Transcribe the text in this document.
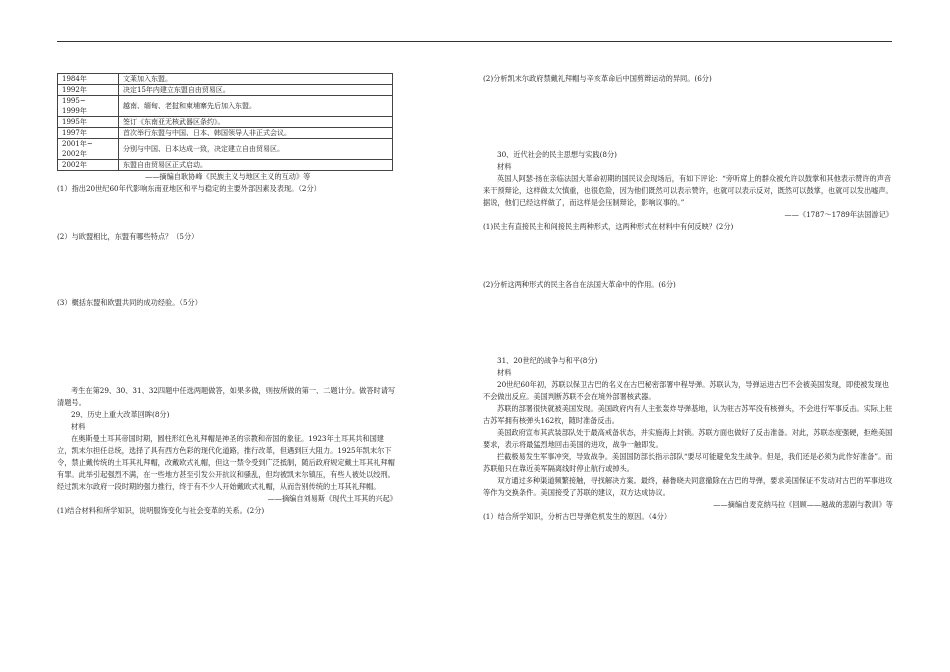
1984年	文莱加入东盟。
1992年	决定15年内建立东盟自由贸易区。
1995~
1999年	越南、缅甸、老挝和柬埔寨先后加入东盟。
1995年	签订《东南亚无核武器区条约》。
1997年	首次举行东盟与中国、日本、韩国领导人非正式会议。
2001年~
2002年	分别与中国、日本达成一致，决定建立自由贸易区。
2002年	东盟自由贸易区正式启动。

——摘编自耿协峰《民族主义与地区主义的互动》等

(1）指出20世纪60年代影响东南亚地区和平与稳定的主要外部因素及表现。（2分）

(2）与欧盟相比，东盟有哪些特点？（5分）

(3）概括东盟和欧盟共同的成功经验。（5分）

考生在第29、30、31、32四题中任选两题做答，如果多做，则按所做的第一、二题计分。做答时请写清题号。

29、历史上重大改革回眸(8分)

材料

在奥斯曼土耳其帝国时期，圆柱形红色礼拜帽是神圣的宗教和帝国的象征。1923年土耳其共和国建立，凯末尔担任总统，选择了具有西方色彩的现代化道路，推行改革，但遇到巨大阻力。1925年凯末尔下令，禁止戴传统的土耳其礼拜帽，改戴欧式礼帽，但这一禁令受到广泛抵制，随后政府规定戴土耳其礼拜帽有罪。此举引起强烈不满，在一些地方甚至引发公开抗议和骚乱，但均被凯末尔镇压，有些人被处以绞刑。经过凯末尔政府一段时期的强力推行，终于有不少人开始戴欧式礼帽，从而告别传统的土耳其礼拜帽。

——摘编自刘易斯《现代土耳其的兴起》

(1)结合材料和所学知识，说明服饰变化与社会变革的关系。(2分)

(2)分析凯末尔政府禁戴礼拜帽与辛亥革命后中国剪辫运动的异同。(6分)

30、近代社会的民主思想与实践(8分)

材料

英国人阿瑟·扬在亲临法国大革命初期的国民议会现场后，有如下评论：“旁听席上的群众被允许以鼓掌和其他表示赞许的声音来干预辩论，这样做太欠慎重，也很危险，因为他们既然可以表示赞许，也就可以表示反对，既然可以鼓掌，也就可以发出嘘声。据说，他们已经这样做了，而这样是会压制辩论，影响议事的。”

——《1787～1789年法国游记》

(1)民主有直接民主和间接民主两种形式，这两种形式在材料中有何反映？(2分)

(2)分析这两种形式的民主各自在法国大革命中的作用。(6分)

31、20世纪的战争与和平(8分)

材料

20世纪60年初，苏联以保卫古巴的名义在古巴秘密部署中程导弹。苏联认为，导弹运进古巴不会被美国发现，即使被发现也不会做出反应。美国判断苏联不会在境外部署核武器。

苏联的部署很快就被美国发现。美国政府内有人主张轰炸导弹基地，认为驻古苏军没有核弹头，不会进行军事反击。实际上驻古苏军拥有核弹头162枚，随时准备反击。

美国政府宣布其武装部队处于最高戒备状态，并实施海上封锁。苏联方面也做好了反击准备。对此，苏联态度强硬，拒绝美国要求，表示将最猛烈地回击美国的进攻，战争一触即发。

拦截极易发生军事冲突，导致战争。美国国防部长指示部队“要尽可能避免发生战争。但是，我们还是必须为此作好准备”。而苏联船只在靠近美军隔离线时停止航行或掉头。

双方通过多种渠道频繁接触，寻找解决方案。最终，赫鲁晓夫同意撤除在古巴的导弹，要求美国保证不发动对古巴的军事进攻等作为交换条件。美国接受了苏联的建议，双方达成协议。

——摘编自麦克纳马拉《回顾——越战的悲剧与教训》等

(1）结合所学知识，分析古巴导弹危机发生的原因。（4分）
